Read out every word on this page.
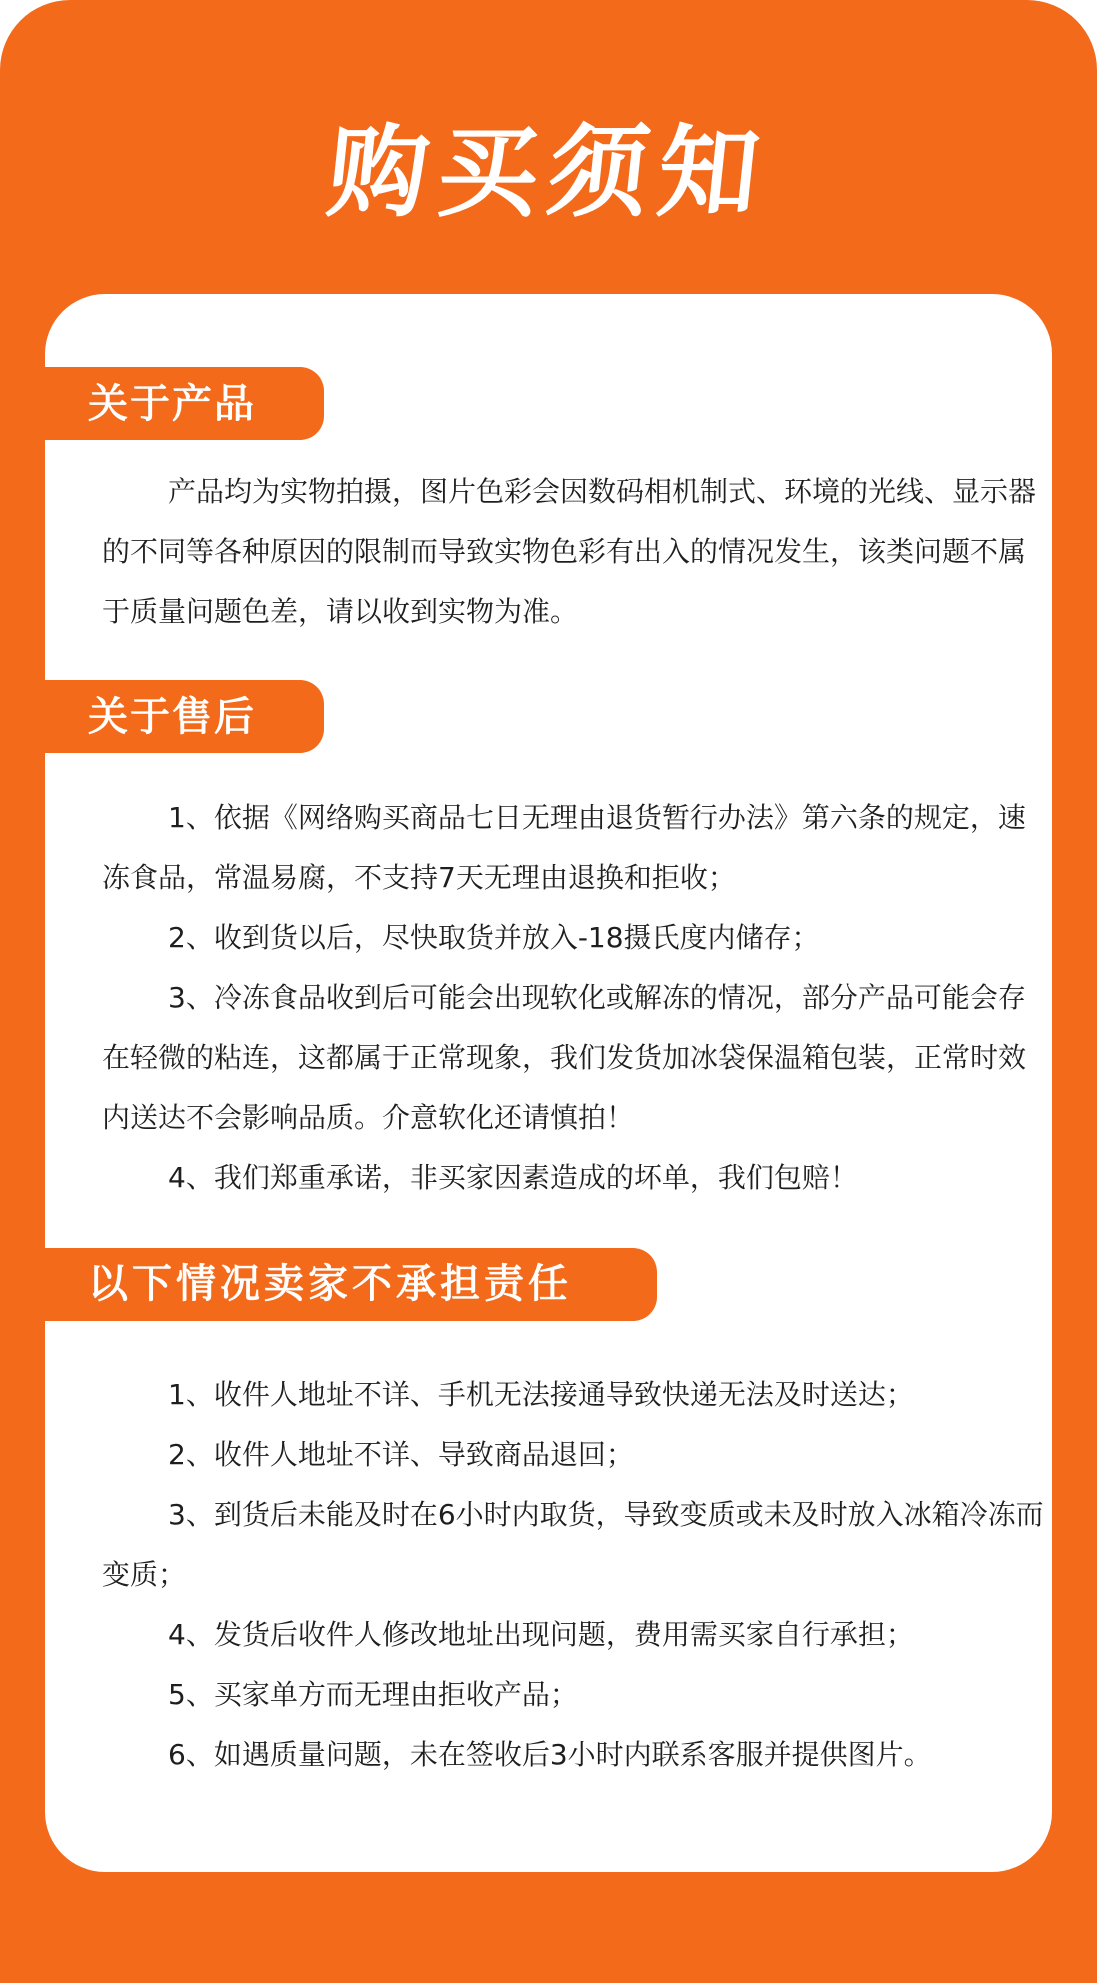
购买须知
关于产品

产品均为实物拍摄，图片色彩会因数码相机制式、环境的光线、显示器的不同等各种原因的限制而导致实物色彩有出入的情况发生，该类问题不属于质量问题色差，请以收到实物为准。

关于售后
1、依据《网络购买商品七日无理由退货暂行办法》第六条的规定，速冻食品，常温易腐，不支持7天无理由退换和拒收；
2、收到货以后，尽快取货并放入-18摄氏度内储存；
3、冷冻食品收到后可能会出现软化或解冻的情况，部分产品可能会存在轻微的粘连，这都属于正常现象，我们发货加冰袋保温箱包装，正常时效内送达不会影响品质。介意软化还请慎拍！
4、我们郑重承诺，非买家因素造成的坏单，我们包赔！
以下情况卖家不承担责任
1、收件人地址不详、手机无法接通导致快递无法及时送达；
2、收件人地址不详、导致商品退回；
3、到货后未能及时在6小时内取货，导致变质或未及时放入冰箱冷冻而变质；
4、发货后收件人修改地址出现问题，费用需买家自行承担；
5、买家单方而无理由拒收产品；
6、如遇质量问题，未在签收后3小时内联系客服并提供图片。
